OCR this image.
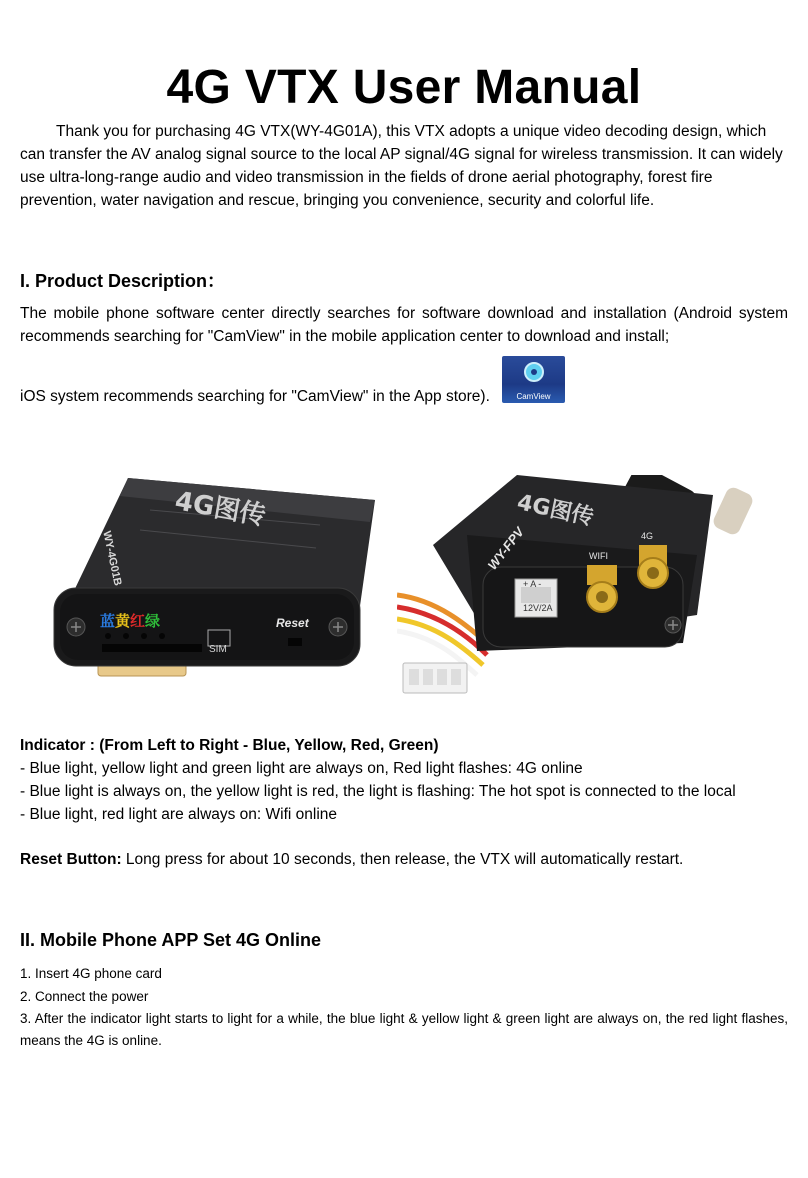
4G VTX User Manual
Thank you for purchasing 4G VTX(WY-4G01A), this VTX adopts a unique video decoding design, which can transfer the AV analog signal source to the local AP signal/4G signal for wireless transmission. It can widely use ultra-long-range audio and video transmission in the fields of drone aerial photography, forest fire prevention, water navigation and rescue, bringing you convenience, security and colorful life.
I. Product Description：
The mobile phone software center directly searches for software download and installation (Android system recommends searching for "CamView" in the mobile application center to download and install;
iOS system recommends searching for "CamView" in the App store).	CamView
4G图传
WY-4G01B
蓝黄红绿	Reset
SIM
4G图传
WY-FPV
+ A -
12V/2A
WIFI
4G
Indicator : (From Left to Right - Blue, Yellow, Red, Green)
- Blue light, yellow light and green light are always on, Red light flashes: 4G online
- Blue light is always on, the yellow light is red, the light is flashing: The hot spot is connected to the local
- Blue light, red light are always on: Wifi online
Reset Button: Long press for about 10 seconds, then release, the VTX will automatically restart.
II. Mobile Phone APP Set 4G Online
1. Insert 4G phone card
2. Connect the power
3. After the indicator light starts to light for a while, the blue light & yellow light & green light are always on, the red light flashes, means the 4G is online.
